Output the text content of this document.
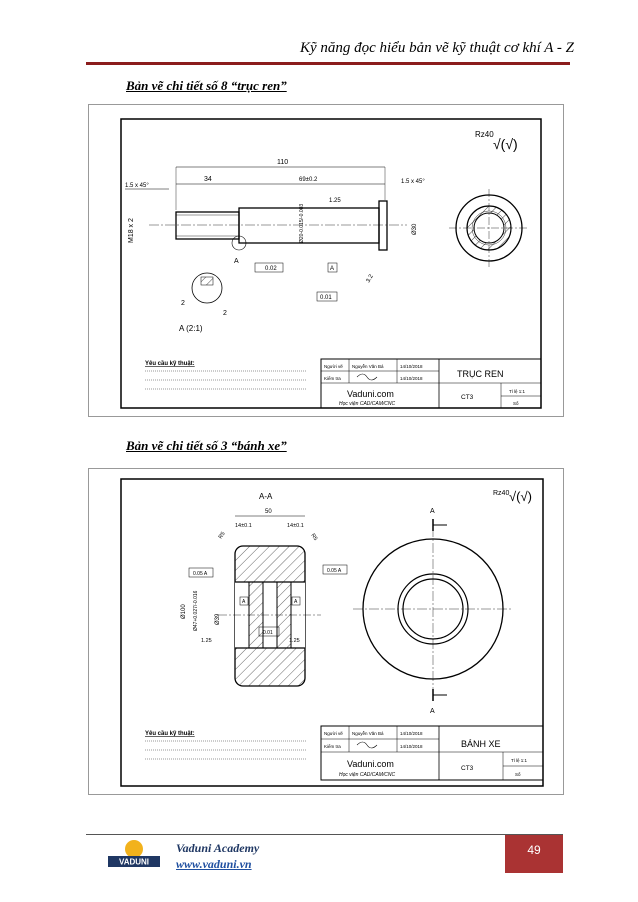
Kỹ năng đọc hiểu bản vẽ kỹ thuật cơ khí A - Z
Bản vẽ chi tiết số 8 “trục ren”
Rz40
√(√)
110
34	69±0.2
1.5 x 45°
1.5 x 45°
M18 x 2	Ø20-0.015/-0.003	Ø30
1.25
3.2
A
0.02	A
0.01
2
2
A (2:1)
Yêu cầu kỹ thuật:	Người vẽ Nguyễn Văn Bá	14/10/2018
Kiểm tra	14/10/2018	TRỤC REN
Vaduni.com
Học viện CAD/CAM/CNC
CT3
Tỉ lệ 1:1
Số
Bản vẽ chi tiết số 3 “bánh xe”
Rz40 √(√)
A-A
50
14±0.1	14±0.1
R5	R5
Ø100 Ø47+0.027/-0.016	Ø39
1.25	1.25
0.05 A	0.05 A
0.01
A	A
A
A
Yêu cầu kỹ thuật:	Người vẽ Nguyễn Văn Bá	14/10/2018
Kiểm tra	14/10/2018	BÁNH XE
Vaduni.com
Học viện CAD/CAM/CNC
CT3
Tỉ lệ 1:1
Số
VADUNI
Vaduni Academy
www.vaduni.vn
49
